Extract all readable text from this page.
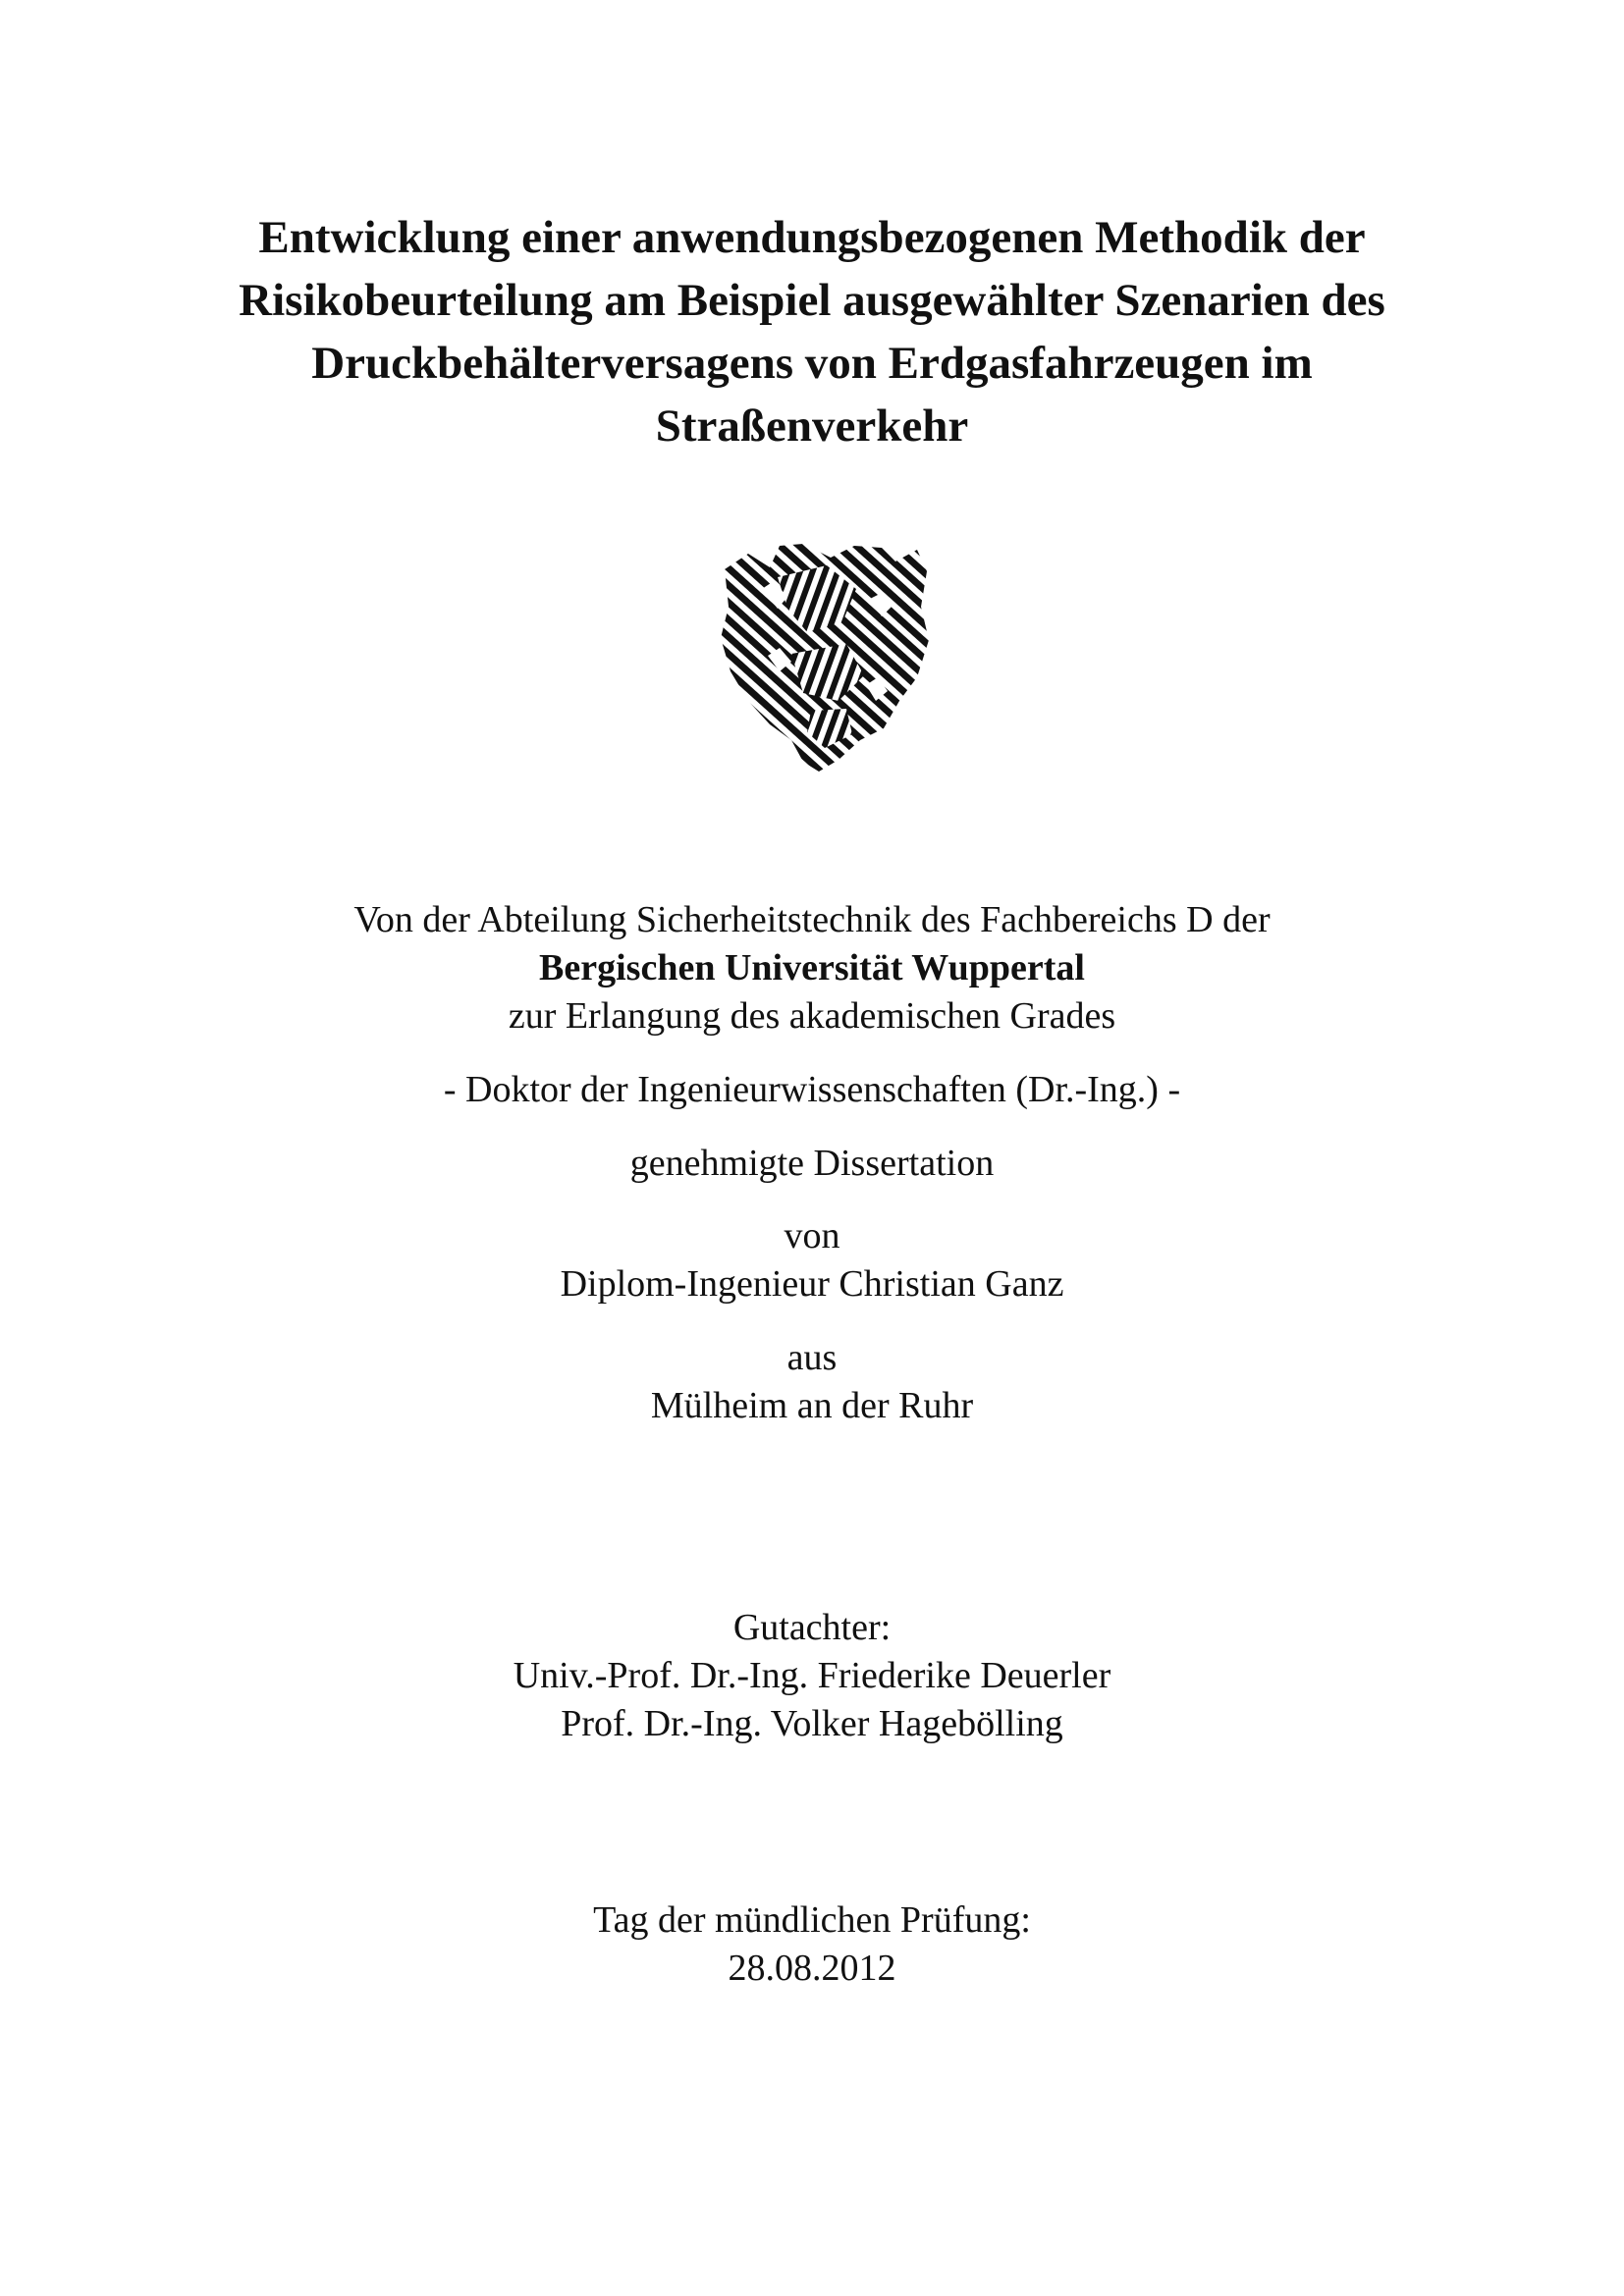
Entwicklung einer anwendungsbezogenen Methodik der
Risikobeurteilung am Beispiel ausgewählter Szenarien des
Druckbehälterversagens von Erdgasfahrzeugen im
Straßenverkehr
Von der Abteilung Sicherheitstechnik des Fachbereichs D der
Bergischen Universität Wuppertal
zur Erlangung des akademischen Grades
- Doktor der Ingenieurwissenschaften (Dr.-Ing.) -
genehmigte Dissertation
von
Diplom-Ingenieur Christian Ganz
aus
Mülheim an der Ruhr
Gutachter:
Univ.-Prof. Dr.-Ing. Friederike Deuerler
Prof. Dr.-Ing. Volker Hagebölling
Tag der mündlichen Prüfung:
28.08.2012
